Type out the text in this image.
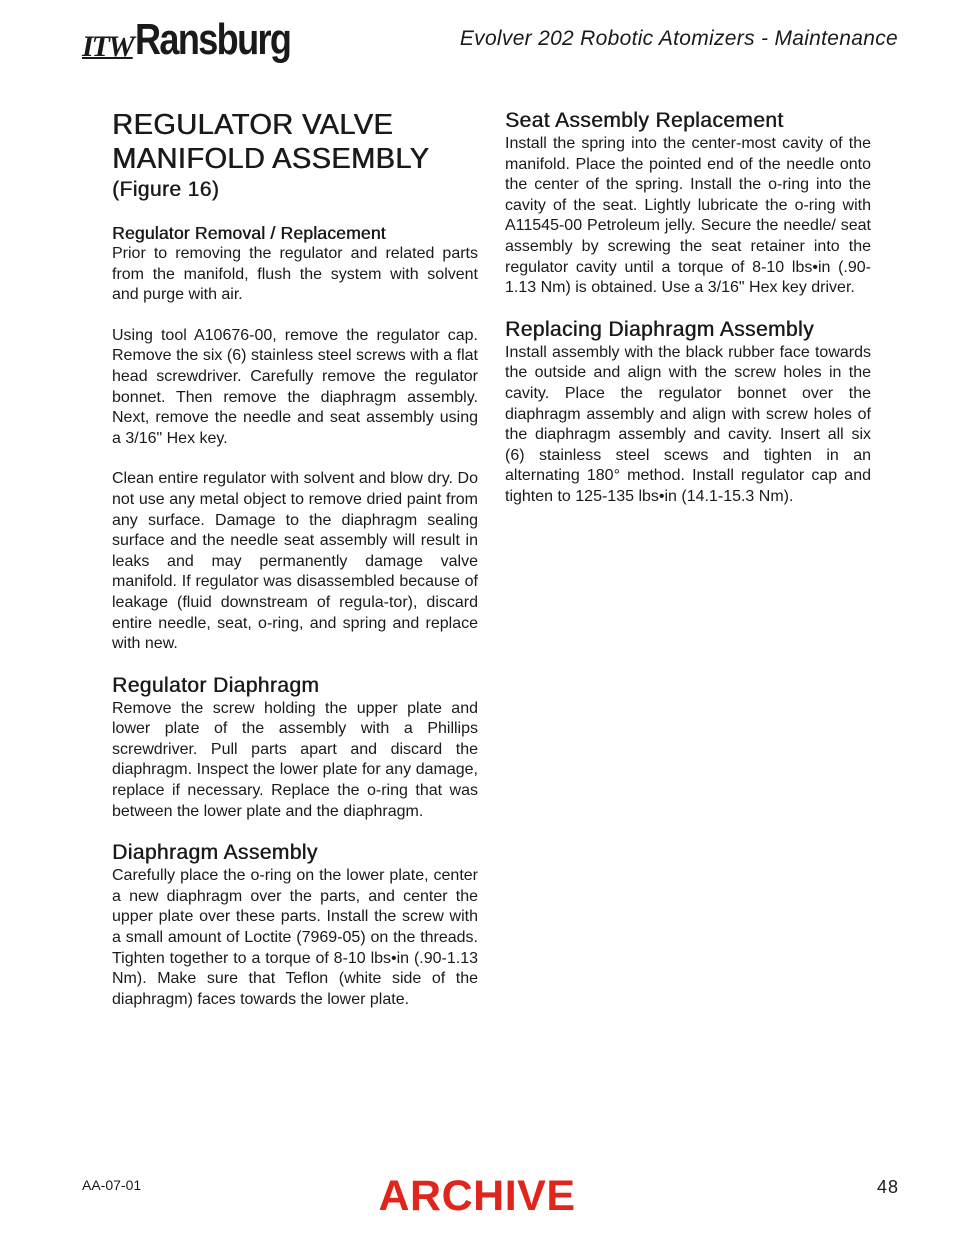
ITW Ransburg	Evolver 202 Robotic Atomizers - Maintenance
REGULATOR VALVE
MANIFOLD ASSEMBLY
(Figure 16)
Regulator Removal / Replacement

Prior to removing the regulator and related parts from the manifold, flush the system with solvent and purge with air.

Using tool A10676-00, remove the regulator cap. Remove the six (6) stainless steel screws with a flat head screwdriver. Carefully remove the regulator bonnet. Then remove the diaphragm assembly. Next, remove the needle and seat assembly using a 3/16" Hex key.

Clean entire regulator with solvent and blow dry. Do not use any metal object to remove dried paint from any surface. Damage to the diaphragm sealing surface and the needle seat assembly will result in leaks and may permanently damage valve manifold. If regulator was disassembled because of leakage (fluid downstream of regula-tor), discard entire needle, seat, o-ring, and spring and replace with new.

Regulator Diaphragm

Remove the screw holding the upper plate and lower plate of the assembly with a Phillips screwdriver. Pull parts apart and discard the diaphragm. Inspect the lower plate for any damage, replace if necessary. Replace the o-ring that was between the lower plate and the diaphragm.

Diaphragm Assembly

Carefully place the o-ring on the lower plate, center a new diaphragm over the parts, and center the upper plate over these parts. Install the screw with a small amount of Loctite (7969-05) on the threads. Tighten together to a torque of 8-10 lbs•in (.90-1.13 Nm). Make sure that Teflon (white side of the diaphragm) faces towards the lower plate.

Seat Assembly Replacement

Install the spring into the center-most cavity of the manifold. Place the pointed end of the needle onto the center of the spring. Install the o-ring into the cavity of the seat. Lightly lubricate the o-ring with A11545-00 Petroleum jelly. Secure the needle/ seat assembly by screwing the seat retainer into the regulator cavity until a torque of 8-10 lbs•in (.90-1.13 Nm) is obtained. Use a 3/16" Hex key driver.

Replacing Diaphragm Assembly

Install assembly with the black rubber face towards the outside and align with the screw holes in the cavity. Place the regulator bonnet over the diaphragm assembly and align with screw holes of the diaphragm assembly and cavity. Insert all six (6) stainless steel scews and tighten in an alternating 180° method. Install regulator cap and tighten to 125-135 lbs•in (14.1-15.3 Nm).

AA-07-01	ARCHIVE	48
